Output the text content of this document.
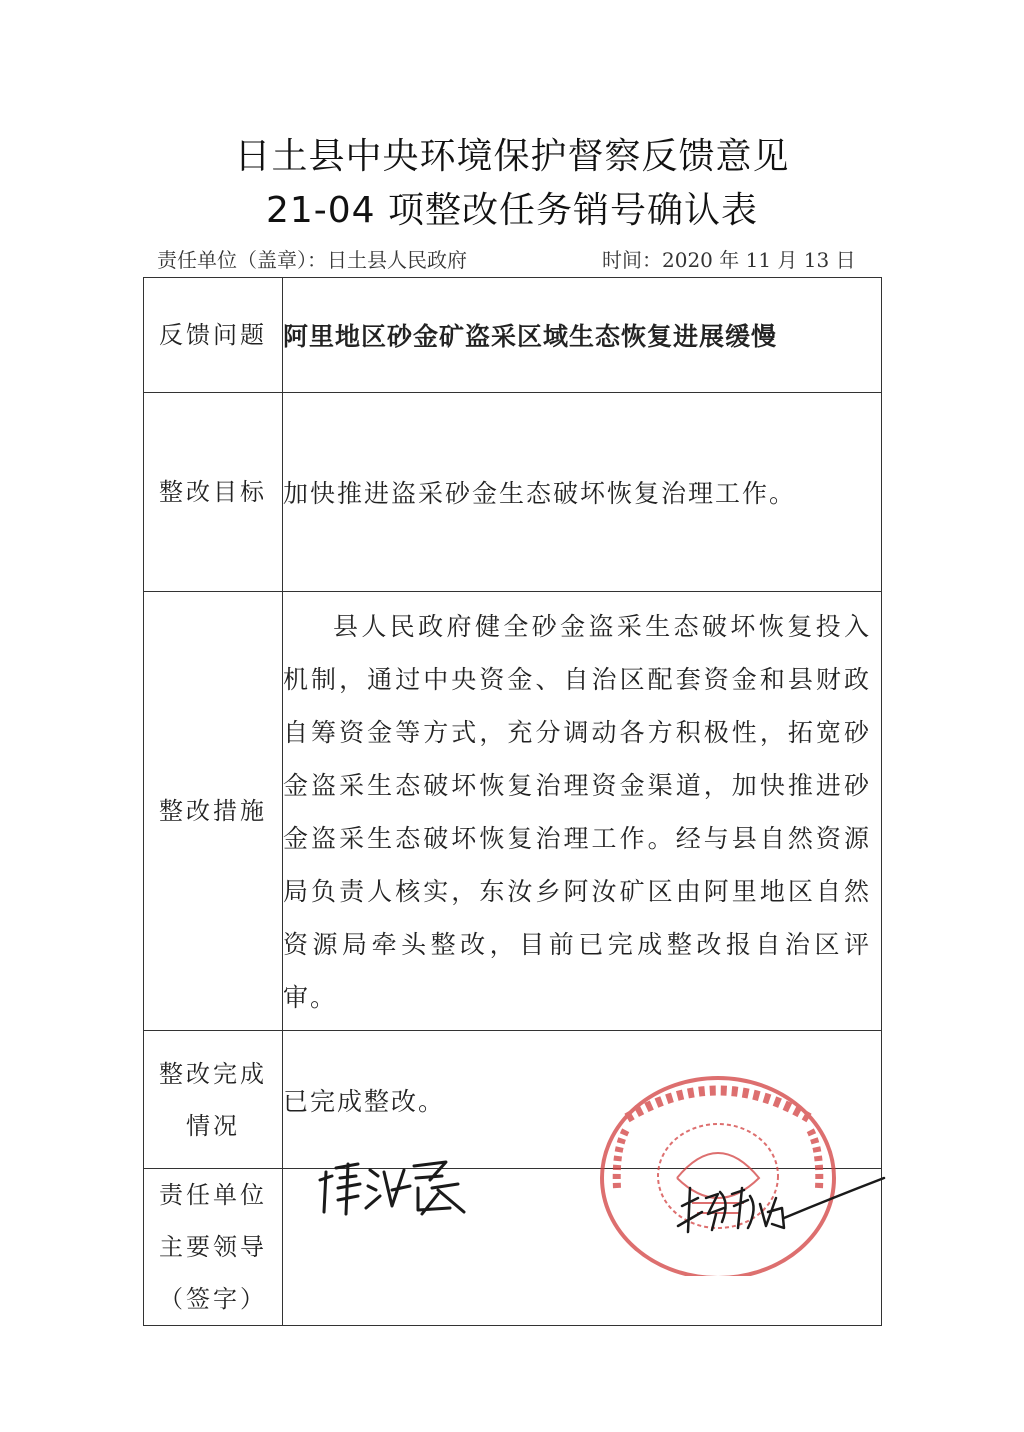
日土县中央环境保护督察反馈意见
21-04 项整改任务销号确认表
责任单位（盖章）：日土县人民政府	时间：2020 年 11 月 13 日
反馈问题	阿里地区砂金矿盗采区域生态恢复进展缓慢
整改目标	加快推进盗采砂金生态破坏恢复治理工作。
整改措施	县人民政府健全砂金盗采生态破坏恢复投入机制，通过中央资金、自治区配套资金和县财政自筹资金等方式，充分调动各方积极性，拓宽砂金盗采生态破坏恢复治理资金渠道，加快推进砂金盗采生态破坏恢复治理工作。经与县自然资源局负责人核实，东汝乡阿汝矿区由阿里地区自然资源局牵头整改，目前已完成整改报自治区评审。

整改完成
情况	已完成整改。

责任单位
主要领导
（签字）	
